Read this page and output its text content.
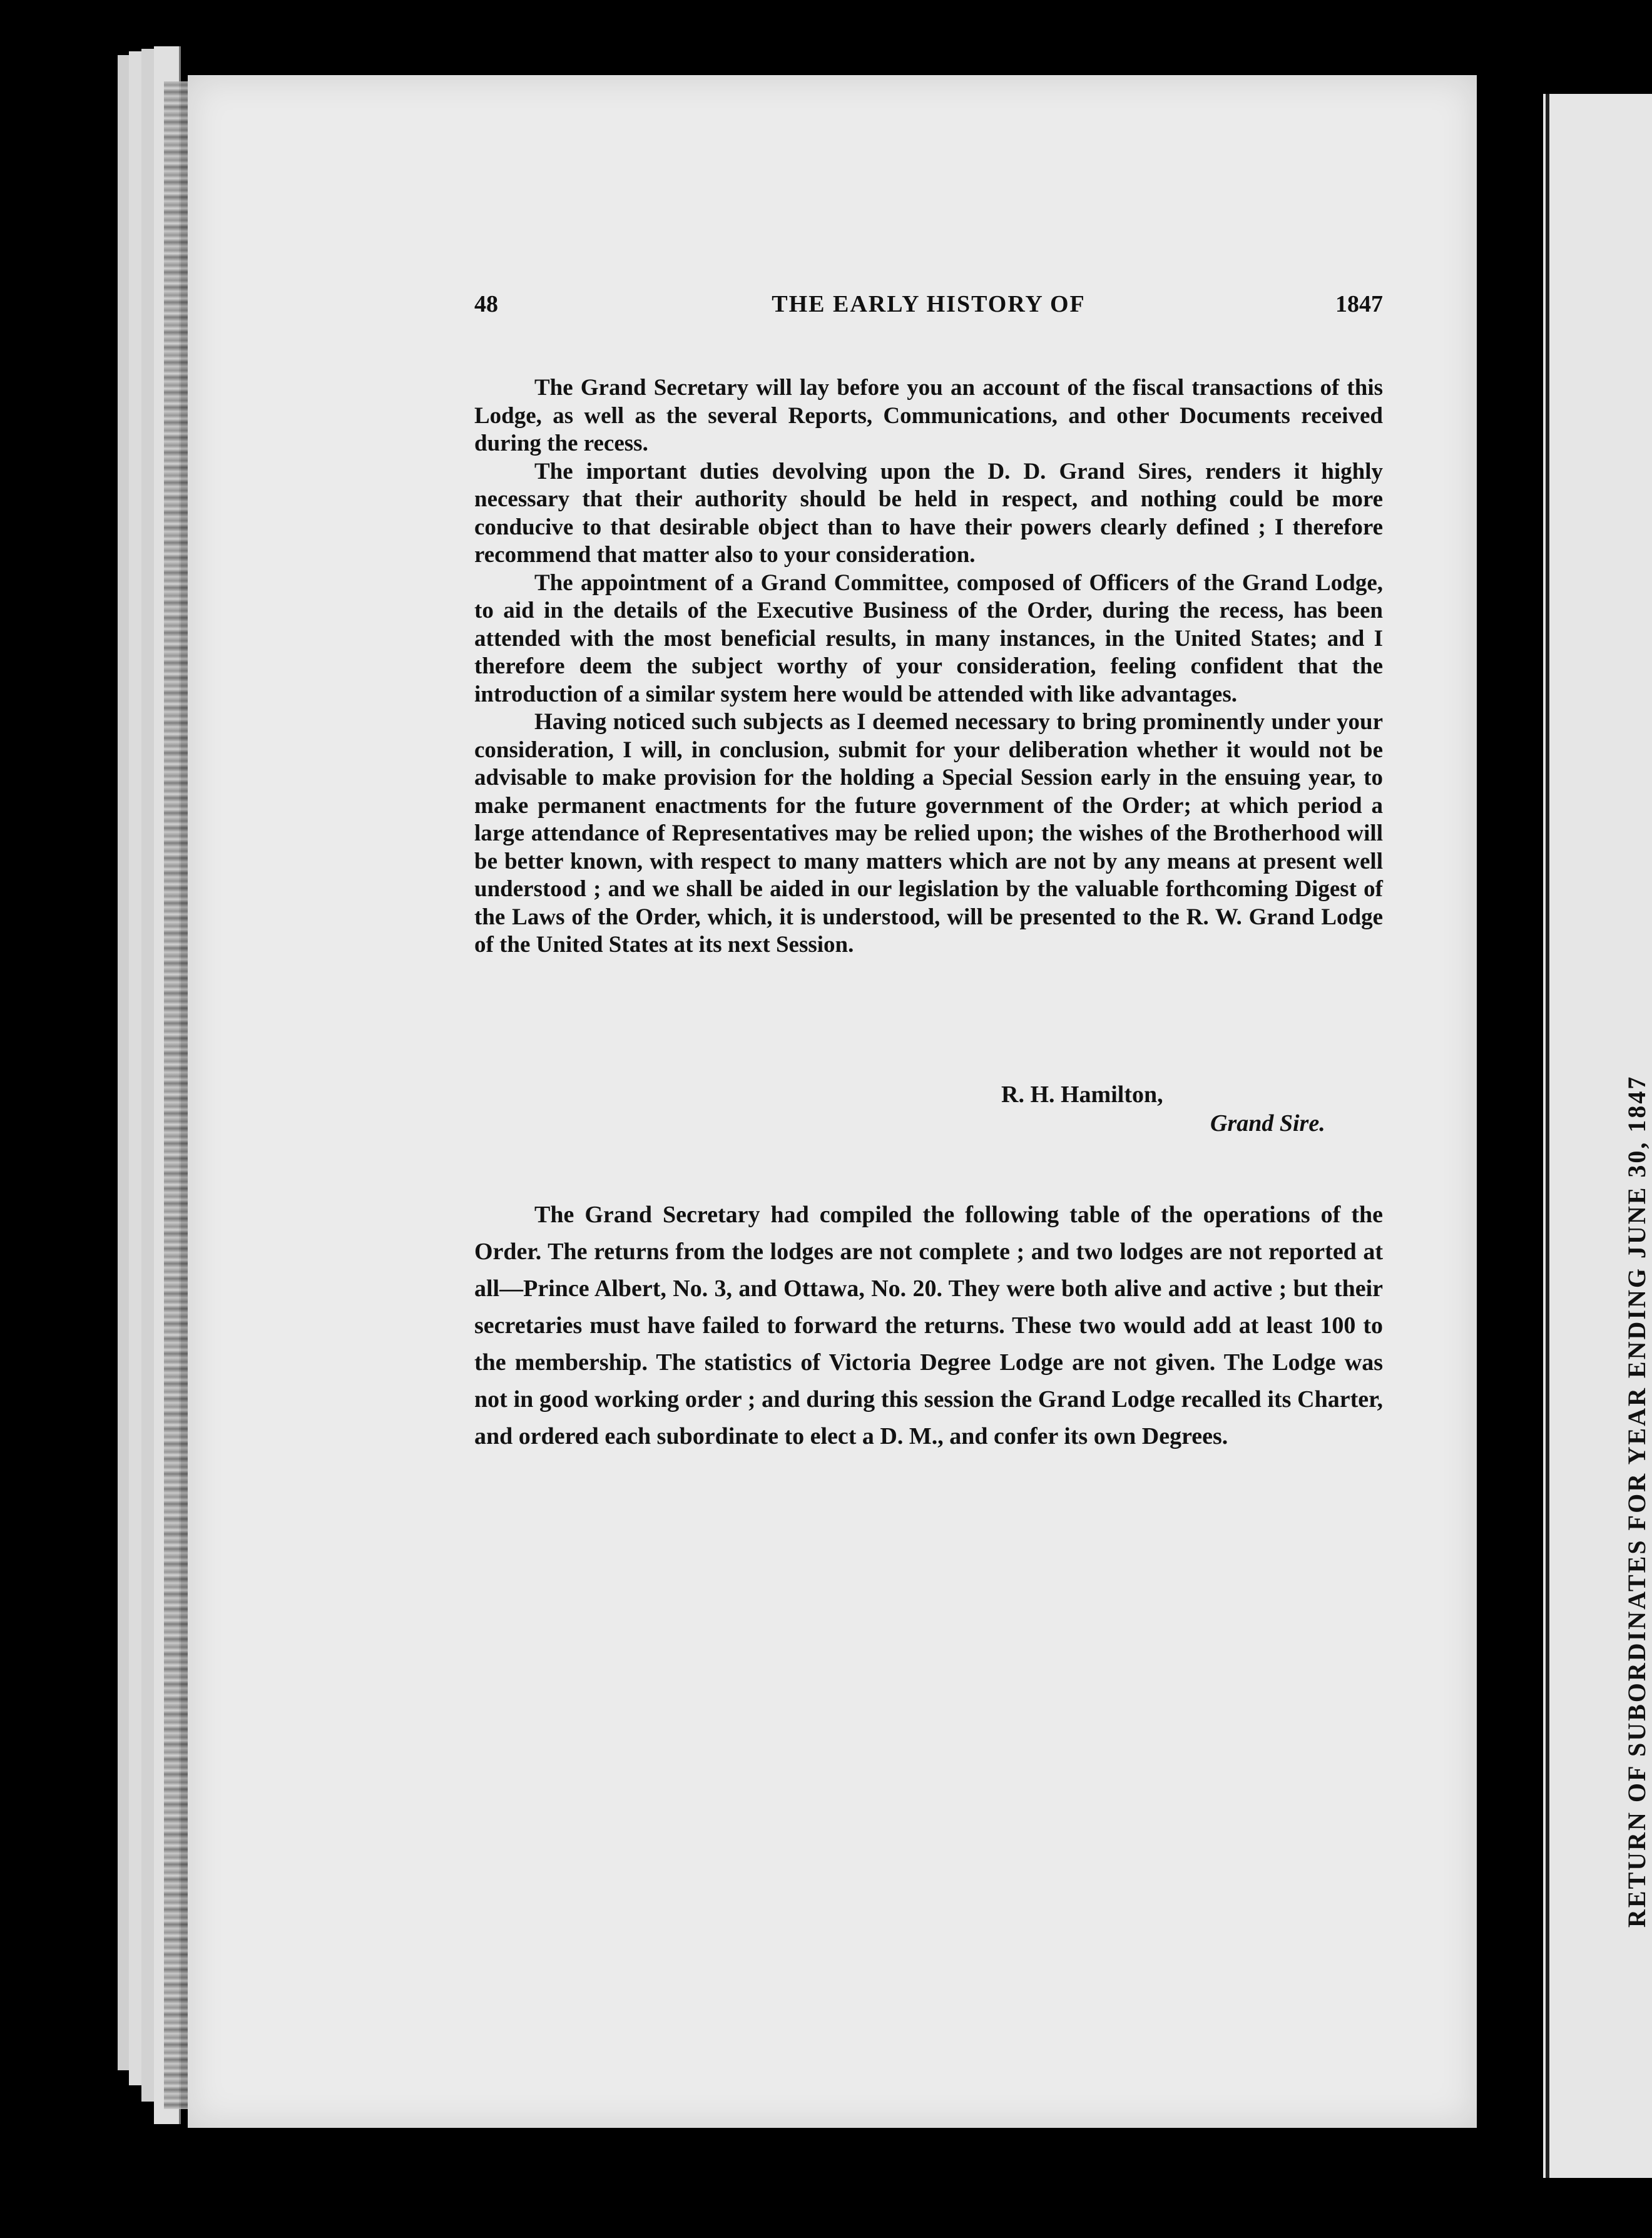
48	THE EARLY HISTORY OF	1847

The Grand Secretary will lay before you an account of the fiscal transactions of this Lodge, as well as the several Reports, Communications, and other Documents received during the recess.

The important duties devolving upon the D. D. Grand Sires, renders it highly necessary that their authority should be held in respect, and nothing could be more conducive to that desirable object than to have their powers clearly defined ; I therefore recommend that matter also to your consideration.

The appointment of a Grand Committee, composed of Officers of the Grand Lodge, to aid in the details of the Executive Business of the Order, during the recess, has been attended with the most beneficial results, in many instances, in the United States; and I therefore deem the subject worthy of your consideration, feeling confident that the introduction of a similar system here would be attended with like advantages.

Having noticed such subjects as I deemed necessary to bring prominently under your consideration, I will, in conclusion, submit for your deliberation whether it would not be advisable to make provision for the holding a Special Session early in the ensuing year, to make permanent enactments for the future government of the Order; at which period a large attendance of Representatives may be relied upon; the wishes of the Brotherhood will be better known, with respect to many matters which are not by any means at present well understood ; and we shall be aided in our legislation by the valuable forthcoming Digest of the Laws of the Order, which, it is understood, will be presented to the R. W. Grand Lodge of the United States at its next Session.

R. H. Hamilton,
Grand Sire.

The Grand Secretary had compiled the following table of the operations of the Order. The returns from the lodges are not complete ; and two lodges are not reported at all—Prince Albert, No. 3, and Ottawa, No. 20. They were both alive and active ; but their secretaries must have failed to forward the returns. These two would add at least 100 to the membership. The statistics of Victoria Degree Lodge are not given. The Lodge was not in good working order ; and during this session the Grand Lodge recalled its Charter, and ordered each subordinate to elect a D. M., and confer its own Degrees.	RETURN OF SUBORDINATES FOR YEAR ENDING JUNE 30, 1847
